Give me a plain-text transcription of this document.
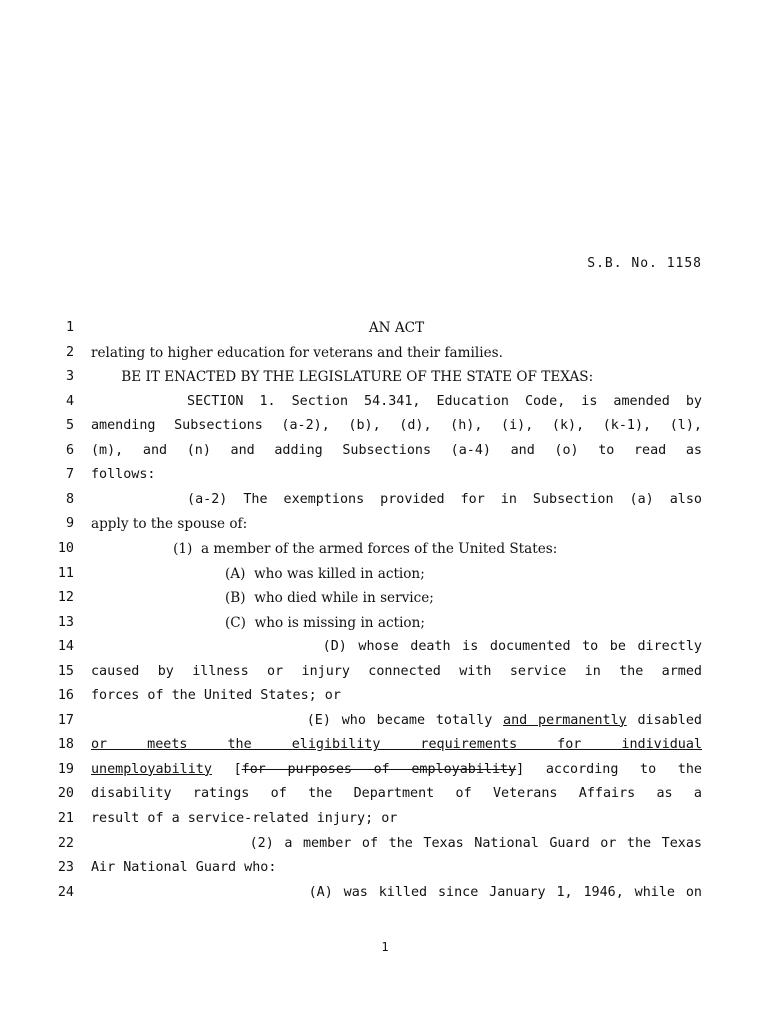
S.B. No. 1158
1	AN ACT
2 relating to higher education for veterans and their families.
3 BE IT ENACTED BY THE LEGISLATURE OF THE STATE OF TEXAS:
4 SECTION 1. Section 54.341, Education Code, is amended by
5 amending Subsections (a-2), (b), (d), (h), (i), (k), (k-1), (l),
6 (m), and (n) and adding Subsections (a-4) and (o) to read as
7 follows:
8 (a-2) The exemptions provided for in Subsection (a) also
9 apply to the spouse of:
10 (1)  a member of the armed forces of the United States:
11 (A)  who was killed in action;
12 (B)  who died while in service;
13 (C)  who is missing in action;
14 (D) whose death is documented to be directly
15 caused by illness or injury connected with service in the armed
16 forces of the United States; or
17 (E) who became totally and permanently disabled
18 or meets the eligibility requirements for individual
19 unemployability [for purposes of employability] according to the
20 disability ratings of the Department of Veterans Affairs as a
21 result of a service-related injury; or
22 (2) a member of the Texas National Guard or the Texas
23 Air National Guard who:
24 (A) was killed since January 1, 1946, while on
1
